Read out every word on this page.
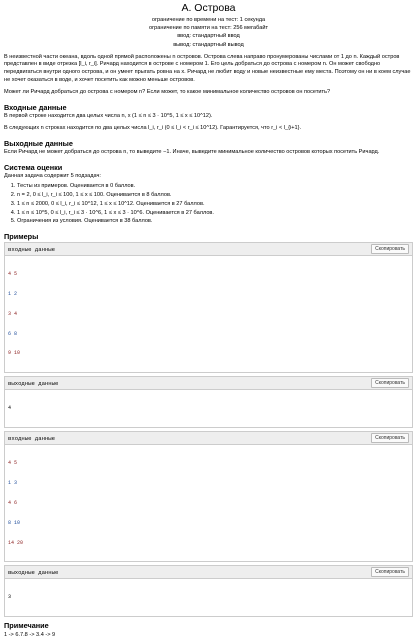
A. Острова
ограничение по времени на тест: 1 секунда
ограничение по памяти на тест: 256 мегабайт
ввод: стандартный ввод
вывод: стандартный вывод

В неизвестной части океана, вдоль одной прямой расположены n островов. Острова слева направо пронумерованы числами от 1 до n. Каждый остров представлен в виде отрезка [l_i, r_i]. Ричард находится в острове с номером 1. Его цель добраться до острова с номером n. Он может свободно передвигаться внутри одного острова, и он умеет прыгать ровна на x. Ричард не любит воду и новые неизвестные ему места. Поэтому он ни в коем случае не хочет оказаться в воде, и хочет посетить как можно меньше островов.

Может ли Ричард добраться до острова с номером n? Если может, то какое минимальное количество островов он посетить?

Входные данные

В первой строке находится два целых числа n, x (1 ≤ n ≤ 3 · 10^5, 1 ≤ x ≤ 10^12).

В следующих n строках находится по два целых числа l_i, r_i (0 ≤ l_i < r_i ≤ 10^12). Гарантируется, что r_i < l_{i+1}.

Выходные данные

Если Ричард не может добраться до острова n, то выведите −1. Иначе, выведите минимальное количество островов которых посетить Ричард.

Система оценки

Данная задача содержит 5 подзадач:

1. Тесты из примеров. Оценивается в 0 баллов.
2. n = 2, 0 ≤ l_i, r_i ≤ 100, 1 ≤ x ≤ 100. Оценивается в 8 баллов.
3. 1 ≤ n ≤ 2000, 0 ≤ l_i, r_i ≤ 10^12, 1 ≤ x ≤ 10^12. Оценивается в 27 баллов.
4. 1 ≤ n ≤ 10^5, 0 ≤ l_i, r_i ≤ 3 · 10^6, 1 ≤ x ≤ 3 · 10^6. Оценивается в 27 баллов.
5. Ограничения из условия. Оценивается в 38 баллов.
Примеры
входные данные	Скопировать

4 5

1 2

3 4

6 8

9 10

выходные данные	Скопировать

4

входные данные	Скопировать

4 5

1 3

4 6

8 10

14 20

выходные данные	Скопировать

3

Примечание
1 -> 6.7.8 -> 3.4 -> 9
